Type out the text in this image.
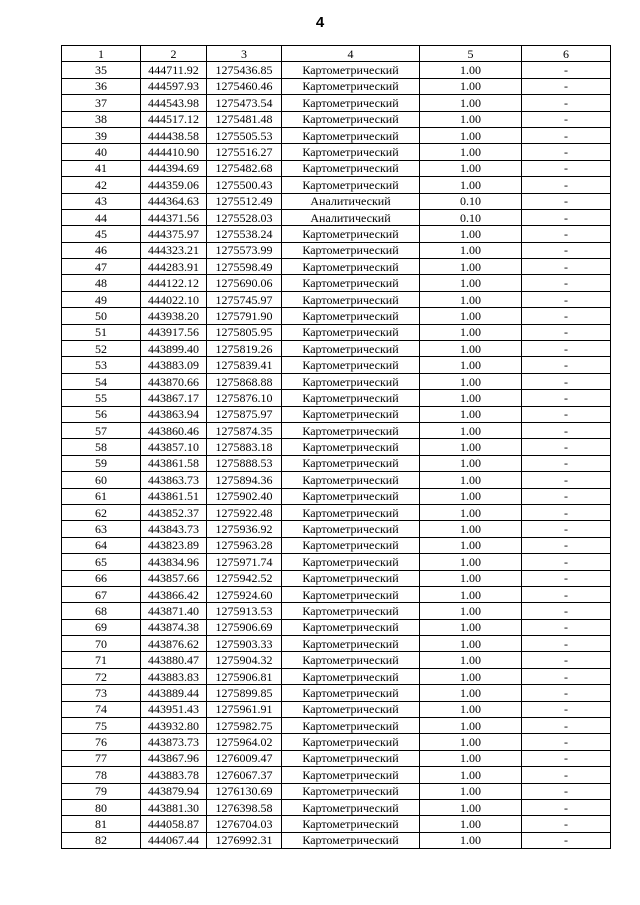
4
1	2	3	4	5	6
35	444711.92	1275436.85	Картометрический	1.00	-
36	444597.93	1275460.46	Картометрический	1.00	-
37	444543.98	1275473.54	Картометрический	1.00	-
38	444517.12	1275481.48	Картометрический	1.00	-
39	444438.58	1275505.53	Картометрический	1.00	-
40	444410.90	1275516.27	Картометрический	1.00	-
41	444394.69	1275482.68	Картометрический	1.00	-
42	444359.06	1275500.43	Картометрический	1.00	-
43	444364.63	1275512.49	Аналитический	0.10	-
44	444371.56	1275528.03	Аналитический	0.10	-
45	444375.97	1275538.24	Картометрический	1.00	-
46	444323.21	1275573.99	Картометрический	1.00	-
47	444283.91	1275598.49	Картометрический	1.00	-
48	444122.12	1275690.06	Картометрический	1.00	-
49	444022.10	1275745.97	Картометрический	1.00	-
50	443938.20	1275791.90	Картометрический	1.00	-
51	443917.56	1275805.95	Картометрический	1.00	-
52	443899.40	1275819.26	Картометрический	1.00	-
53	443883.09	1275839.41	Картометрический	1.00	-
54	443870.66	1275868.88	Картометрический	1.00	-
55	443867.17	1275876.10	Картометрический	1.00	-
56	443863.94	1275875.97	Картометрический	1.00	-
57	443860.46	1275874.35	Картометрический	1.00	-
58	443857.10	1275883.18	Картометрический	1.00	-
59	443861.58	1275888.53	Картометрический	1.00	-
60	443863.73	1275894.36	Картометрический	1.00	-
61	443861.51	1275902.40	Картометрический	1.00	-
62	443852.37	1275922.48	Картометрический	1.00	-
63	443843.73	1275936.92	Картометрический	1.00	-
64	443823.89	1275963.28	Картометрический	1.00	-
65	443834.96	1275971.74	Картометрический	1.00	-
66	443857.66	1275942.52	Картометрический	1.00	-
67	443866.42	1275924.60	Картометрический	1.00	-
68	443871.40	1275913.53	Картометрический	1.00	-
69	443874.38	1275906.69	Картометрический	1.00	-
70	443876.62	1275903.33	Картометрический	1.00	-
71	443880.47	1275904.32	Картометрический	1.00	-
72	443883.83	1275906.81	Картометрический	1.00	-
73	443889.44	1275899.85	Картометрический	1.00	-
74	443951.43	1275961.91	Картометрический	1.00	-
75	443932.80	1275982.75	Картометрический	1.00	-
76	443873.73	1275964.02	Картометрический	1.00	-
77	443867.96	1276009.47	Картометрический	1.00	-
78	443883.78	1276067.37	Картометрический	1.00	-
79	443879.94	1276130.69	Картометрический	1.00	-
80	443881.30	1276398.58	Картометрический	1.00	-
81	444058.87	1276704.03	Картометрический	1.00	-
82	444067.44	1276992.31	Картометрический	1.00	-
